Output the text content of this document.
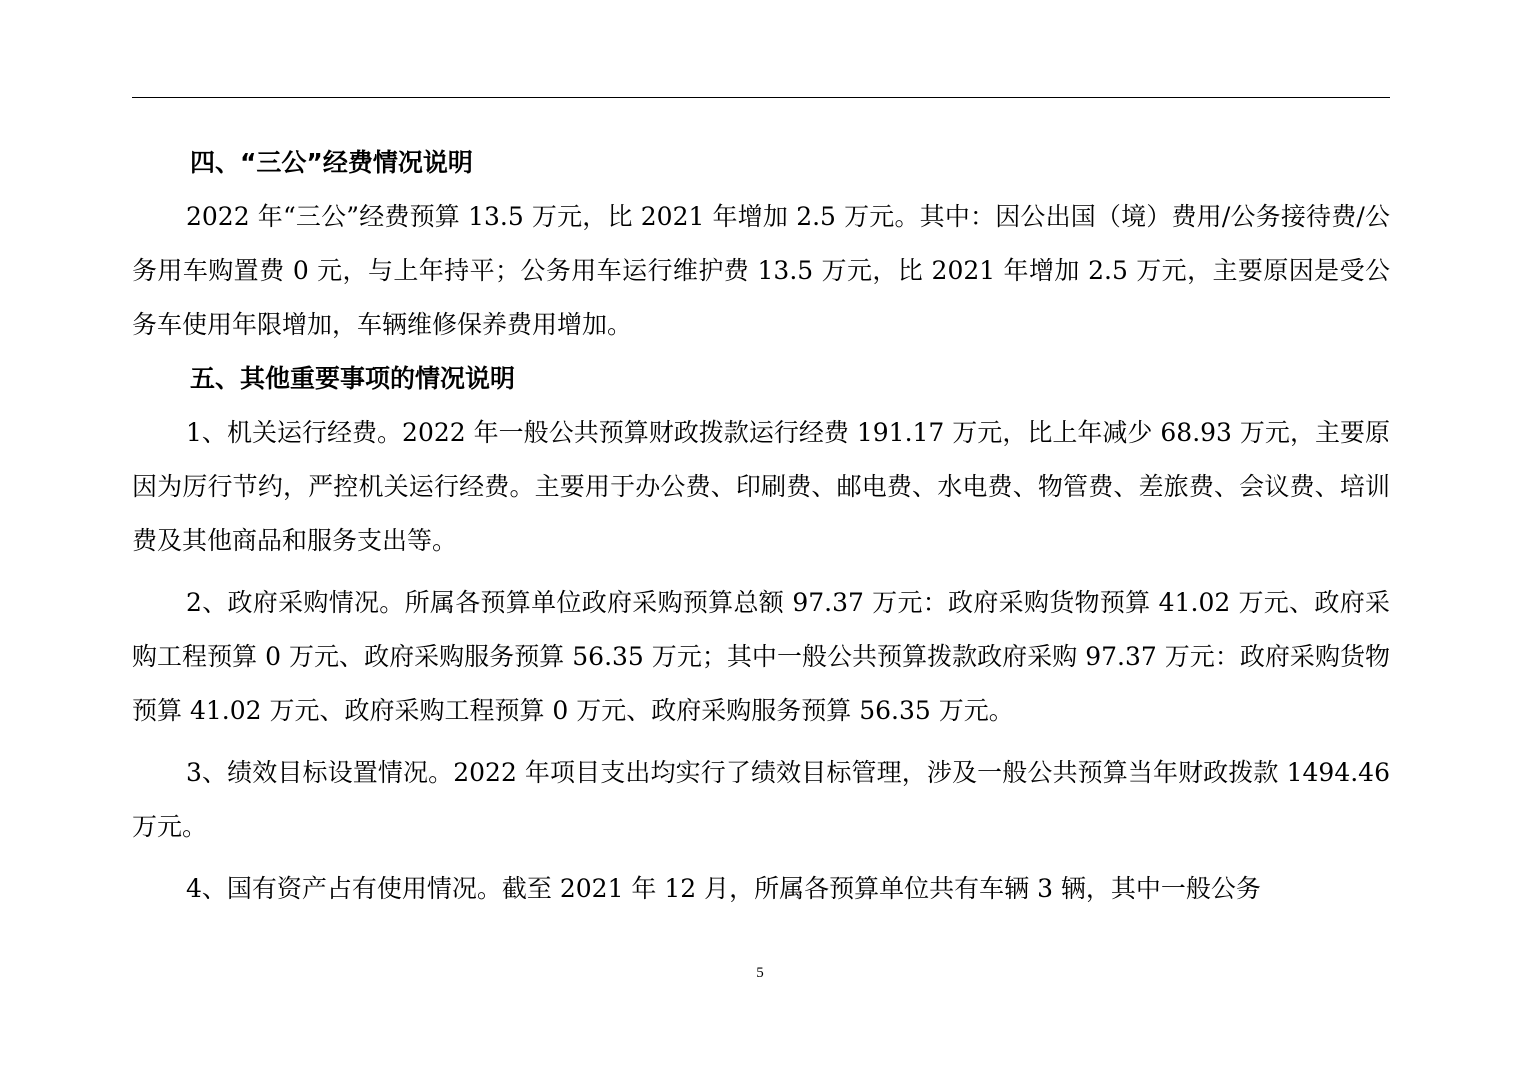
四、“三公”经费情况说明

2022 年“三公”经费预算 13.5 万元，比 2021 年增加 2.5 万元。其中：因公出国（境）费用/公务接待费/公务用车购置费 0 元，与上年持平；公务用车运行维护费 13.5 万元，比 2021 年增加 2.5 万元，主要原因是受公务车使用年限增加，车辆维修保养费用增加。

五、其他重要事项的情况说明

1、机关运行经费。2022 年一般公共预算财政拨款运行经费 191.17 万元，比上年减少 68.93 万元，主要原因为厉行节约，严控机关运行经费。主要用于办公费、印刷费、邮电费、水电费、物管费、差旅费、会议费、培训费及其他商品和服务支出等。

2、政府采购情况。所属各预算单位政府采购预算总额 97.37 万元：政府采购货物预算 41.02 万元、政府采购工程预算 0 万元、政府采购服务预算 56.35 万元；其中一般公共预算拨款政府采购 97.37 万元：政府采购货物预算 41.02 万元、政府采购工程预算 0 万元、政府采购服务预算 56.35 万元。

3、绩效目标设置情况。2022 年项目支出均实行了绩效目标管理，涉及一般公共预算当年财政拨款 1494.46 万元。

4、国有资产占有使用情况。截至 2021 年 12 月，所属各预算单位共有车辆 3 辆，其中一般公务

5
